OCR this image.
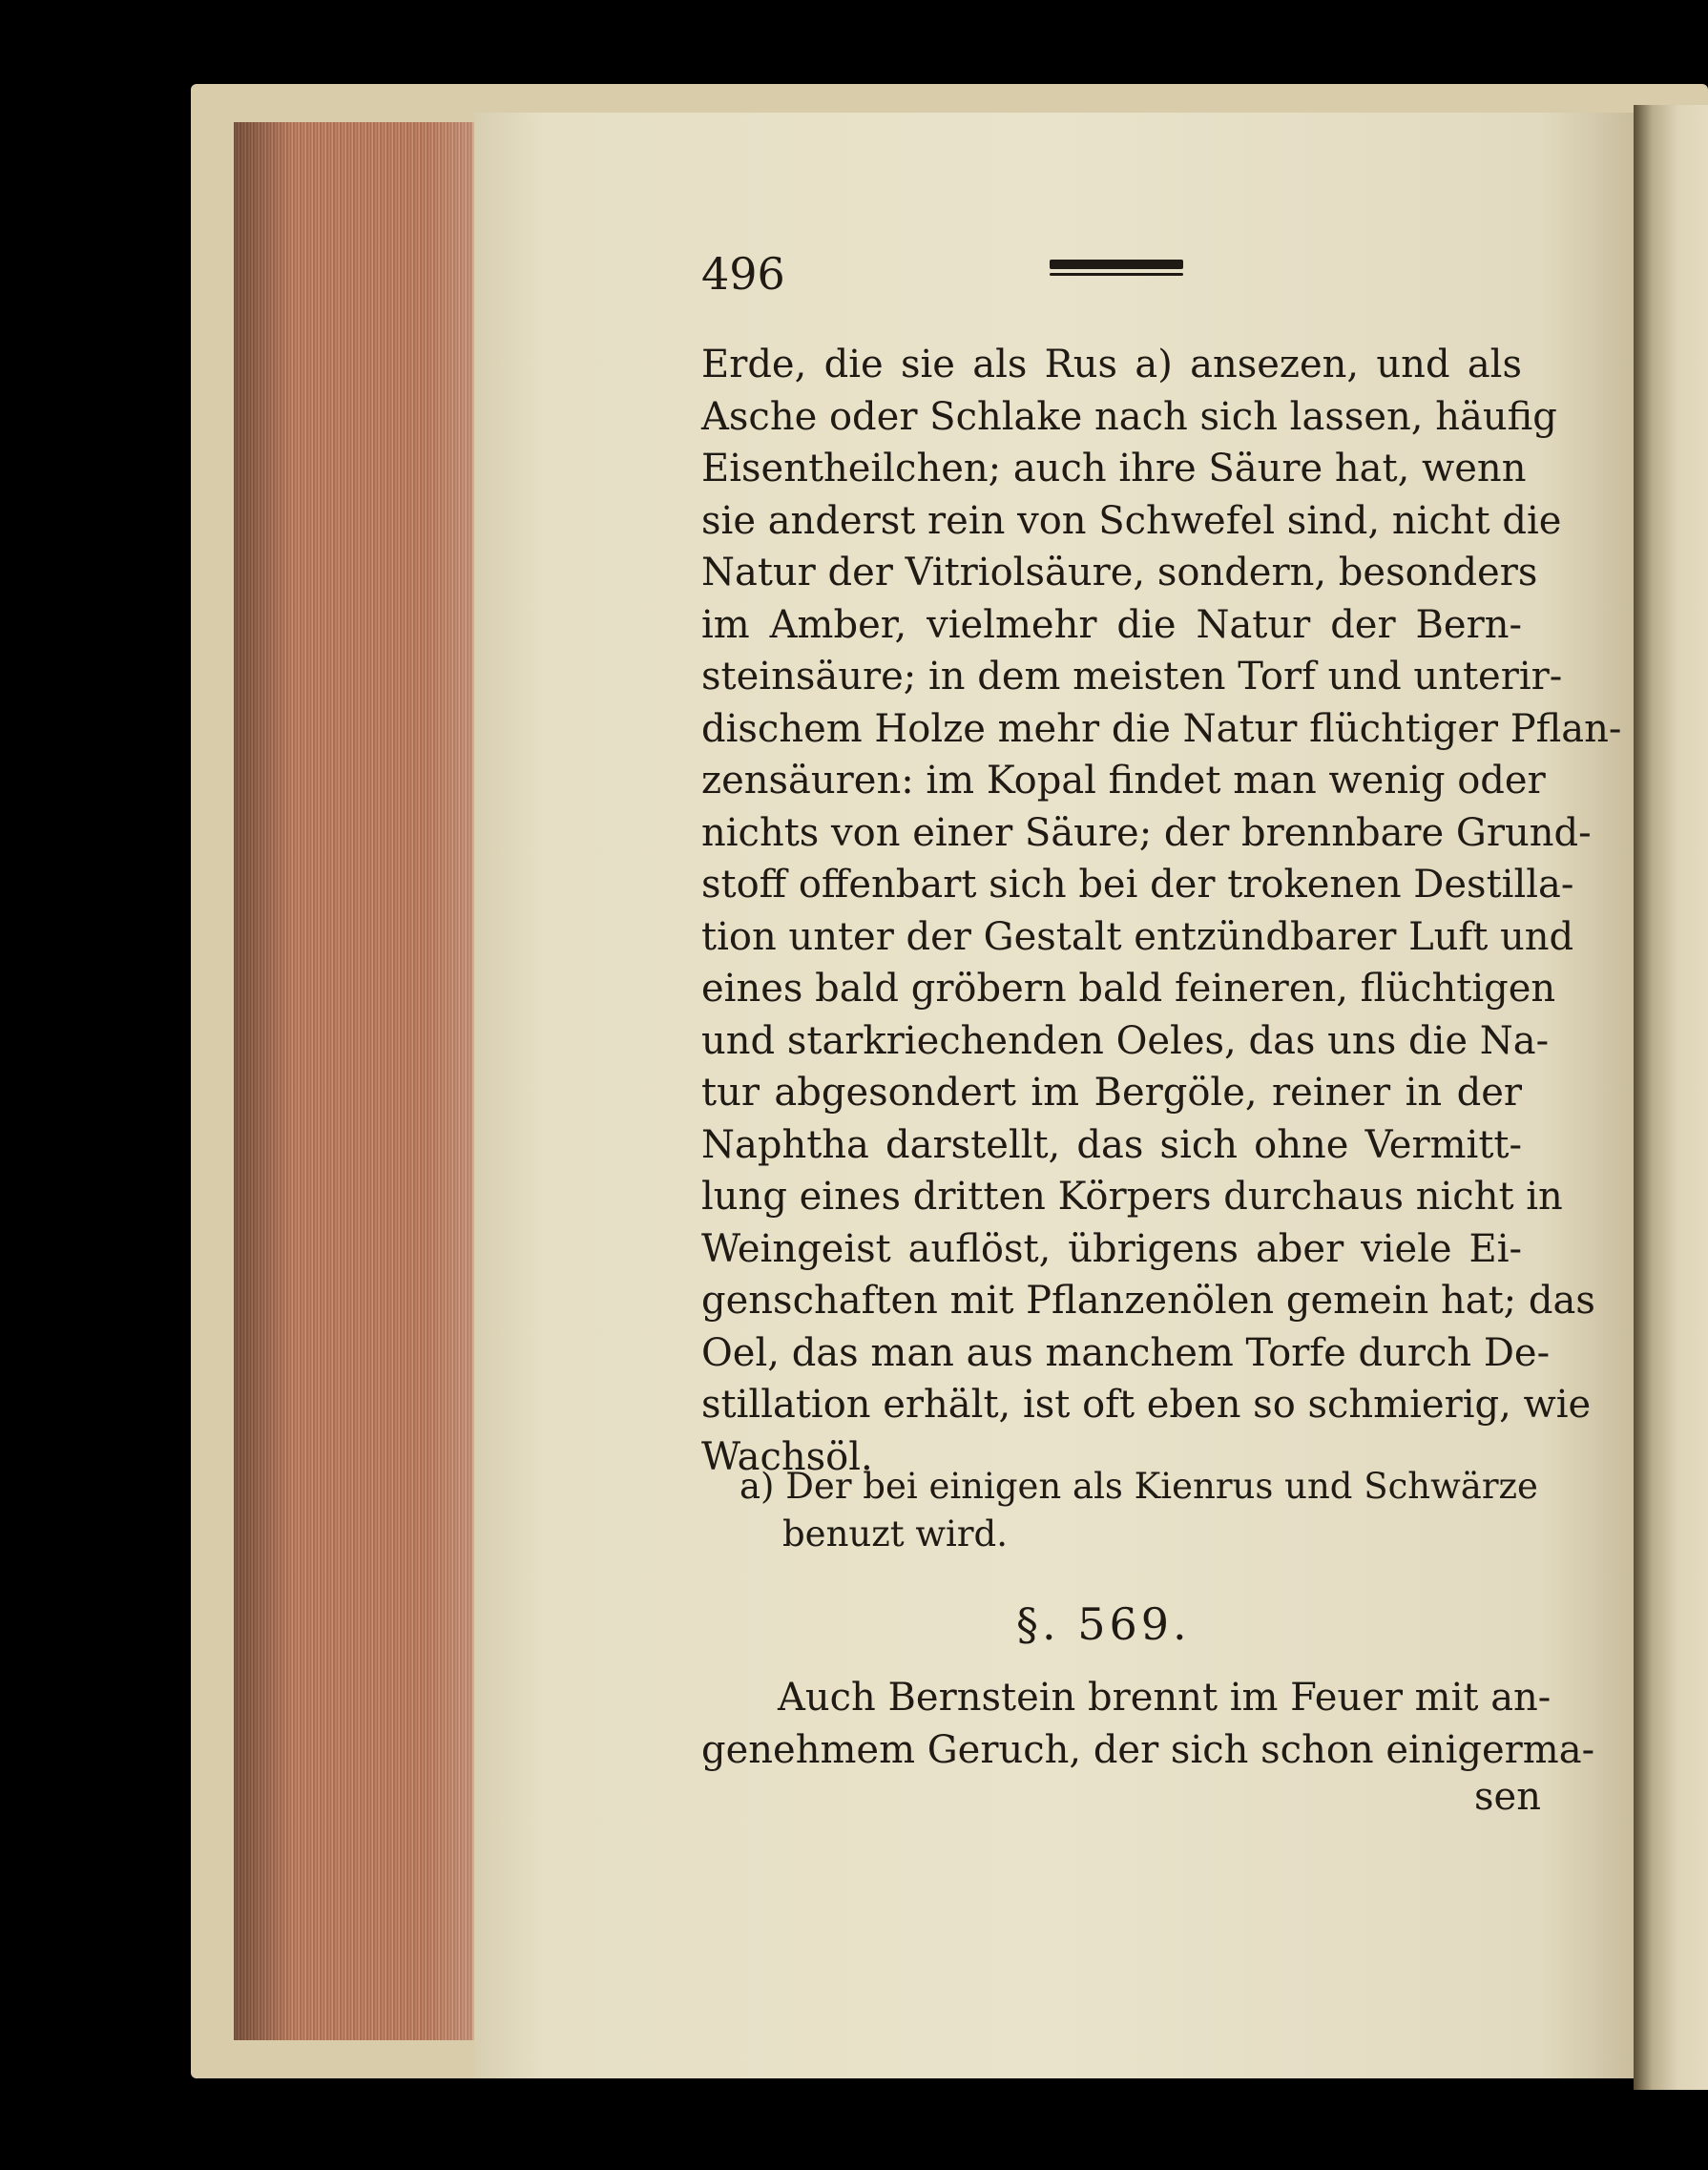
496
Erde, die sie als Rus a) ansezen, und als
Asche oder Schlake nach sich lassen, häufig
Eisentheilchen; auch ihre Säure hat, wenn
sie anderst rein von Schwefel sind, nicht die
Natur der Vitriolsäure, sondern, besonders
im Amber, vielmehr die Natur der Bern-
steinsäure; in dem meisten Torf und unterir-
dischem Holze mehr die Natur flüchtiger Pflan-
zensäuren: im Kopal findet man wenig oder
nichts von einer Säure; der brennbare Grund-
stoff offenbart sich bei der trokenen Destilla-
tion unter der Gestalt entzündbarer Luft und
eines bald gröbern bald feineren, flüchtigen
und starkriechenden Oeles, das uns die Na-
tur abgesondert im Bergöle, reiner in der
Naphtha darstellt, das sich ohne Vermitt-
lung eines dritten Körpers durchaus nicht in
Weingeist auflöst, übrigens aber viele Ei-
genschaften mit Pflanzenölen gemein hat; das
Oel, das man aus manchem Torfe durch De-
stillation erhält, ist oft eben so schmierig, wie
Wachsöl.
a) Der bei einigen als Kienrus und Schwärze
benuzt wird.
§. 569.
Auch Bernstein brennt im Feuer mit an-
genehmem Geruch, der sich schon einigerma-
sen
